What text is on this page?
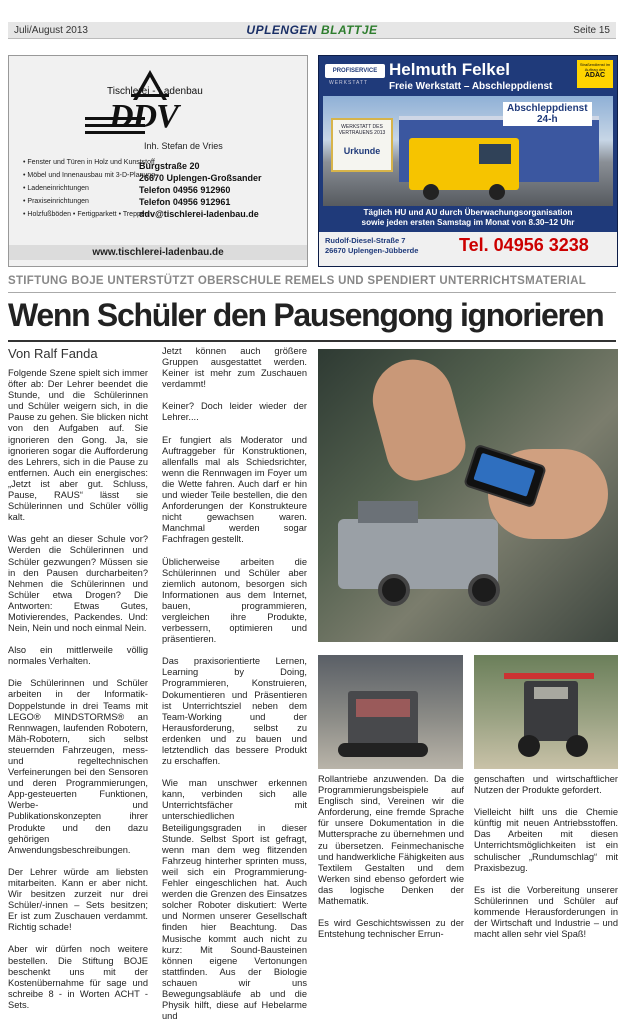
Juli/August 2013	UPLENGEN BLATTJE	Seite 15
Tischlerei - Ladenbau
DDV
Inh. Stefan de Vries
• Fenster und Türen in Holz und Kunststoff
• Möbel und Innenausbau mit 3-D-Planung
• Ladeneinrichtungen
• Praxiseinrichtungen
• Holzfußböden • Fertigparkett • Treppen
Burgstraße 20
26670 Uplengen-Großsander
Telefon 04956 912960
Telefon 04956 912961
ddv@tischlerei-ladenbau.de
www.tischlerei-ladenbau.de
PROFISERVICE
WERKSTATT
Helmuth Felkel
Freie Werkstatt – Abschleppdienst
Straßendienst im Auftrag des
ADAC
WERKSTATT DES VERTRAUENS 2013
Urkunde
Abschleppdienst
24-h
Täglich HU und AU durch Überwachungsorganisation
sowie jeden ersten Samstag im Monat von 8.30–12 Uhr
Rudolf-Diesel-Straße 7
26670 Uplengen-Jübberde Tel. 04956 3238
STIFTUNG BOJE UNTERSTÜTZT OBERSCHULE REMELS UND SPENDIERT UNTERRICHTSMATERIAL
Wenn Schüler den Pausengong ignorieren
Von Ralf Fanda

Folgende Szene spielt sich immer öfter ab: Der Lehrer beendet die Stunde, und die Schülerinnen und Schüler weigern sich, in die Pause zu gehen. Sie blicken nicht von den Aufgaben auf. Sie ignorieren den Gong. Ja, sie ignorieren sogar die Aufforderung des Lehrers, sich in die Pause zu entfernen. Auch ein energisches: „Jetzt ist aber gut. Schluss, Pause, RAUS“ lässt sie Schülerinnen und Schüler völlig kalt.

Was geht an dieser Schule vor? Werden die Schülerinnen und Schüler gezwungen? Müssen sie in den Pausen durcharbeiten? Nehmen die Schülerinnen und Schüler etwa Drogen? Die Antworten: Etwas Gutes, Motivierendes, Packendes. Und: Nein, Nein und noch einmal Nein.

Also ein mittlerweile völlig normales Verhalten.

Die Schülerinnen und Schüler arbeiten in der Informatik-Doppelstunde in drei Teams mit LEGO® MINDSTORMS® an Rennwagen, laufenden Robotern, Mäh-Robotern, sich selbst steuernden Fahrzeugen, mess- und regeltechnischen Verfeinerungen bei den Sensoren und deren Programmierungen, App-gesteuerten Funktionen, Werbe- und Publikationskonzepten ihrer Produkte und den dazu gehörigen Anwendungsbeschreibungen.

Der Lehrer würde am liebsten mitarbeiten. Kann er aber nicht. Wir besitzen zurzeit nur drei Schüler/-innen – Sets besitzen; Er ist zum Zuschauen verdammt. Richtig schade!

Aber wir dürfen noch weitere bestellen. Die Stiftung BOJE beschenkt uns mit der Kostenübernahme für sage und schreibe 8 - in Worten ACHT - Sets.

Jetzt können auch größere Gruppen ausgestattet werden. Keiner ist mehr zum Zuschauen verdammt!

Keiner? Doch leider wieder der Lehrer....

Er fungiert als Moderator und Auftraggeber für Konstruktionen, allenfalls mal als Schiedsrichter, wenn die Rennwagen im Foyer um die Wette fahren. Auch darf er hin und wieder Teile bestellen, die den Anforderungen der Konstrukteure nicht gewachsen waren. Manchmal werden sogar Fachfragen gestellt.

Üblicherweise arbeiten die Schülerinnen und Schüler aber ziemlich autonom, besorgen sich Informationen aus dem Internet, bauen, programmieren, vergleichen ihre Produkte, verbessern, optimieren und präsentieren.

Das praxisorientierte Lernen, Learning by Doing, Programmieren, Konstruieren, Dokumentieren und Präsentieren ist Unterrichtsziel neben dem Team-Working und der Herausforderung, selbst zu erdenken und zu bauen und letztendlich das bessere Produkt zu erschaffen.

Wie man unschwer erkennen kann, verbinden sich alle Unterrichtsfächer mit unterschiedlichen Beteiligungsgraden in dieser Stunde. Selbst Sport ist gefragt, wenn man dem weg flitzenden Fahrzeug hinterher sprinten muss, weil sich ein Programmierung-Fehler eingeschlichen hat. Auch werden die Grenzen des Einsatzes solcher Roboter diskutiert: Werte und Normen unserer Gesellschaft finden hier Beachtung. Das Musische kommt auch nicht zu kurz: Mit Sound-Bausteinen können eigene Vertonungen stattfinden. Aus der Biologie schauen wir uns Bewegungsabläufe ab und die Physik hilft, diese auf Hebelarme und

Rollantriebe anzuwenden. Da die Programmierungsbeispiele auf Englisch sind, Vereinen wir die Anforderung, eine fremde Sprache für unsere Dokumentation in die Muttersprache zu übernehmen und zu übersetzen. Feinmechanische und handwerkliche Fähigkeiten aus Textilem Gestalten und dem Werken sind ebenso gefordert wie das logische Denken der Mathematik.

Es wird Geschichtswissen zu der Entstehung technischer Errun-

genschaften und wirtschaftlicher Nutzen der Produkte gefordert.

Vielleicht hilft uns die Chemie künftig mit neuen Antriebsstoffen. Das Arbeiten mit diesen Unterrichtsmöglichkeiten ist ein schulischer „Rundumschlag“ mit Praxisbezug.

Es ist die Vorbereitung unserer Schülerinnen und Schüler auf kommende Herausforderungen in der Wirtschaft und Industrie – und macht allen sehr viel Spaß!
